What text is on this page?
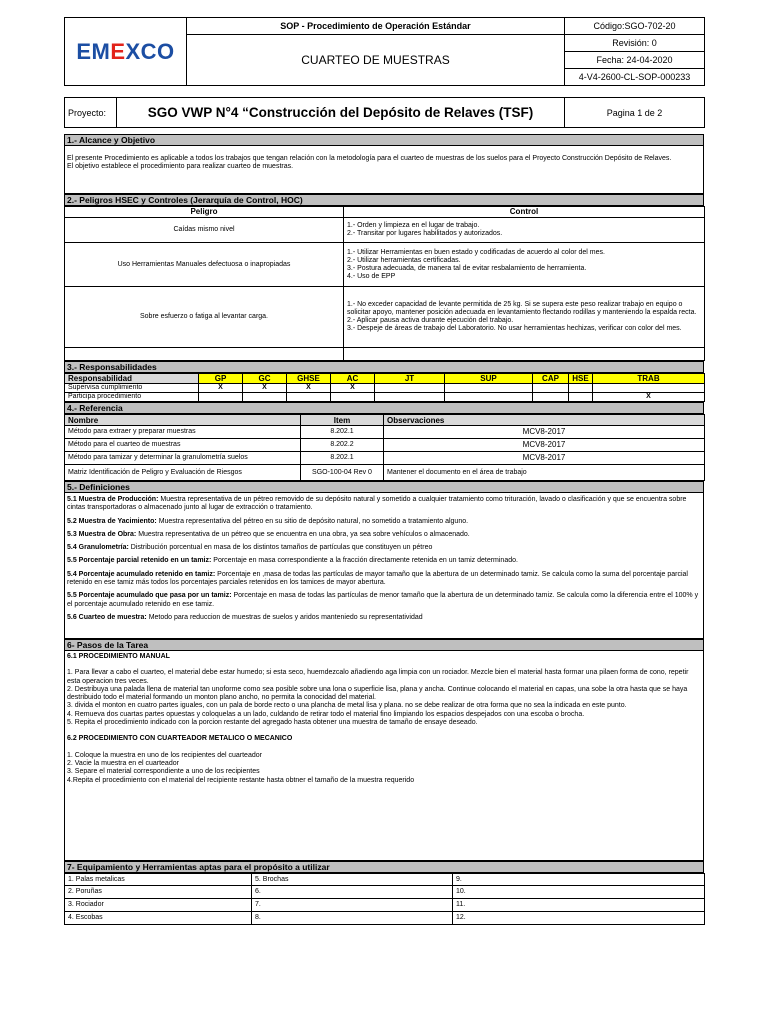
EMEXCO	SOP - Procedimiento de Operación Estándar	Código:SGO-702-20
	CUARTEO DE MUESTRAS	Revisión: 0
		Fecha: 24-04-2020
		4-V4-2600-CL-SOP-000233
Proyecto:	SGO VWP N°4 “Construcción del Depósito de Relaves (TSF)	Pagina 1 de 2
1.- Alcance y Objetivo
El presente Procedimiento es aplicable a todos los trabajos que tengan relación con la metodología para el cuarteo de muestras de los suelos para el Proyecto Construcción Depósito de Relaves.
El objetivo establece el procedimiento para realizar cuarteo de muestras.
2.- Peligros HSEC y Controles (Jerarquía de Control, HOC)
Peligro	Control
Caídas mismo nivel	1.- Orden y limpieza en el lugar de trabajo.
2.- Transitar por lugares habilitados y autorizados.

Uso Herramientas Manuales defectuosa o inapropiadas	1.- Utilizar Herramientas en buen estado y codificadas de acuerdo al color del mes.
2.- Utilizar herramientas certificadas.
3.- Postura adecuada, de manera tal de evitar resbalamiento de herramienta.
4.- Uso de EPP

Sobre esfuerzo o fatiga al levantar carga.	1.- No exceder capacidad de levante permitida de 25 kg. Si se supera este peso realizar trabajo en equipo o solicitar apoyo, mantener posición adecuada en levantamiento flectando rodillas y manteniendo la espalda recta.
2.- Aplicar pausa activa durante ejecución del trabajo.
3.- Despeje de áreas de trabajo del Laboratorio. No usar herramientas hechizas, verificar con color del mes.

3.- Responsabilidades
Responsabilidad	GP	GC	GHSE	AC	JT	SUP	CAP	HSE	TRAB
Supervisa cumplimiento	X	X	X	X					
Participa procedimiento									X
4.- Referencia
Nombre	Item	Observaciones
Método para extraer y preparar muestras	8.202.1	MCV8-2017
Método para el cuarteo de muestras	8.202.2	MCV8-2017
Método para tamizar y determinar la granulometría suelos	8.202.1	MCV8-2017
Matriz Identificación de Peligro y Evaluación de Riesgos	SGO-100-04 Rev 0	Mantener el documento en el área de trabajo
5.- Definiciones

5.1 Muestra de Producción: Muestra representativa de un pétreo removido de su depósito natural y sometido a cualquier tratamiento como trituración, lavado o clasificación y que se encuentra sobre cintas transportadoras o almacenado junto al lugar de extracción o tratamiento.

5.2 Muestra de Yacimiento: Muestra representativa del pétreo en su sitio de depósito natural, no sometido a tratamiento alguno.

5.3 Muestra de Obra: Muestra representativa de un pétreo que se encuentra en una obra, ya sea sobre vehículos o almacenado.

5.4 Granulometría: Distribución porcentual en masa de los distintos tamaños de partículas que constituyen un pétreo

5.5 Porcentaje parcial retenido en un tamiz: Porcentaje en masa correspondiente a la fracción directamente retenida en un tamiz determinado.

5.4 Porcentaje acumulado retenido en tamiz: Porcentaje en ,masa de todas las partículas de mayor tamaño que la abertura de un determinado tamiz. Se calcula como la suma del porcentaje parcial retenido en ese tamiz más todos los porcentajes parciales retenidos en los tamices de mayor abertura.

5.5 Porcentaje acumulado que pasa por un tamiz: Porcentaje en masa de todas las partículas de menor tamaño que la abertura de un determinado tamiz. Se calcula como la diferencia entre el 100% y el porcentaje acumulado retenido en ese tamiz.

5.6 Cuarteo de muestra: Metodo para reduccion de muestras de suelos y aridos manteniedo su representatividad

6- Pasos de la Tarea

6.1 PROCEDIMIENTO MANUAL

1. Para llevar a cabo el cuarteo, el material debe estar humedo; si esta seco, huemdezcalo añadiendo aga limpia con un rociador. Mezcle bien el material hasta formar una pilaen forma de cono, repetir esta operacion tres veces.

2. Destribuya una palada llena de material tan unoforme como sea posible sobre una lona o superficie lisa, plana y ancha. Continue colocando el material en capas, una sobe la otra hasta que se haya destribuido todo el material formando un monton plano ancho, no permita la conocidad del material.

3. divida el monton en cuatro partes iguales, con un pala de borde recto o una plancha de metal lisa y plana. no se debe realizar de otra forma que no sea la indicada en este punto.

4. Remueva dos cuartas partes opuestas y coloquelas a un lado, culdando de retirar todo el material fino limpiando los espacios despejados con una escoba o brocha.

5. Repita el procedimiento indicado con la porcion restante del agregado hasta obtener una muestra de tamaño de ensaye deseado.

6.2 PROCEDIMIENTO CON CUARTEADOR METALICO O MECANICO

1. Coloque la muestra en uno de los recipientes del cuarteador

2. Vacie la muestra en el cuarteador

3. Separe el material correspondiente a uno de los recipientes

4.Repita el procedimiento con el material del recipiente restante hasta obtner el tamaño de la muestra requerido

7- Equipamiento y Herramientas aptas para el propósito a utilizar
1. Palas metalicas	5. Brochas	9.
2. Poruñas	6.	10.
3. Rociador	7.	11.
4. Escobas	8.	12.
